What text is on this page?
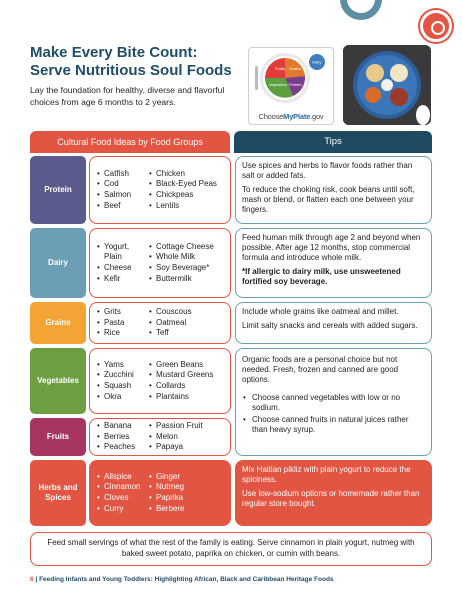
Make Every Bite Count:
Serve Nutritious Soul Foods
Lay the foundation for healthy, diverse and flavorful choices from age 6 months to 2 years.
Fruits Grains
Vegetables Protein
Dairy
ChooseMyPlate.gov
Cultural Food Ideas by Food Groups	Tips
Protein
• Catfish
• Cod
• Salmon
• Beef
• Chicken
• Black-Eyed Peas
• Chickpeas
• Lentils

Use spices and herbs to flavor foods rather than salt or added fats.

To reduce the choking risk, cook beans until soft, mash or blend, or flatten each one between your fingers.

Dairy
• Yogurt, Plain
• Cheese
• Kefir
• Cottage Cheese
• Whole Milk
• Soy Beverage*
• Buttermilk

Feed human milk through age 2 and beyond when possible. After age 12 months, stop commercial formula and introduce whole milk.

*If allergic to dairy milk, use unsweetened fortified soy beverage.

Grains
• Grits
• Pasta
• Rice
• Couscous
• Oatmeal
• Teff

Include whole grains like oatmeal and millet.

Limit salty snacks and cereals with added sugars.

Vegetables
• Yams
• Zucchini
• Squash
• Okra
• Green Beans
• Mustard Greens
• Collards
• Plantains
Fruits
• Banana
• Berries
• Peaches
• Passion Fruit
• Melon
• Papaya

Organic foods are a personal choice but not needed. Fresh, frozen and canned are good options.

• Choose canned vegetables with low or no sodium.
• Choose canned fruits in natural juices rather than heavy syrup.
Herbs and Spices
• Allspice
• Cinnamon
• Cloves
• Curry
• Ginger
• Nutmeg
• Paprika
• Berbere

Mix Haitian pikliz with plain yogurt to reduce the spiciness.

Use low-sodium options or homemade rather than regular store bought.

Feed small servings of what the rest of the family is eating. Serve cinnamon in plain yogurt, nutmeg with baked sweet potato, paprika on chicken, or cumin with beans.
6 | Feeding Infants and Young Toddlers: Highlighting African, Black and Caribbean Heritage Foods
